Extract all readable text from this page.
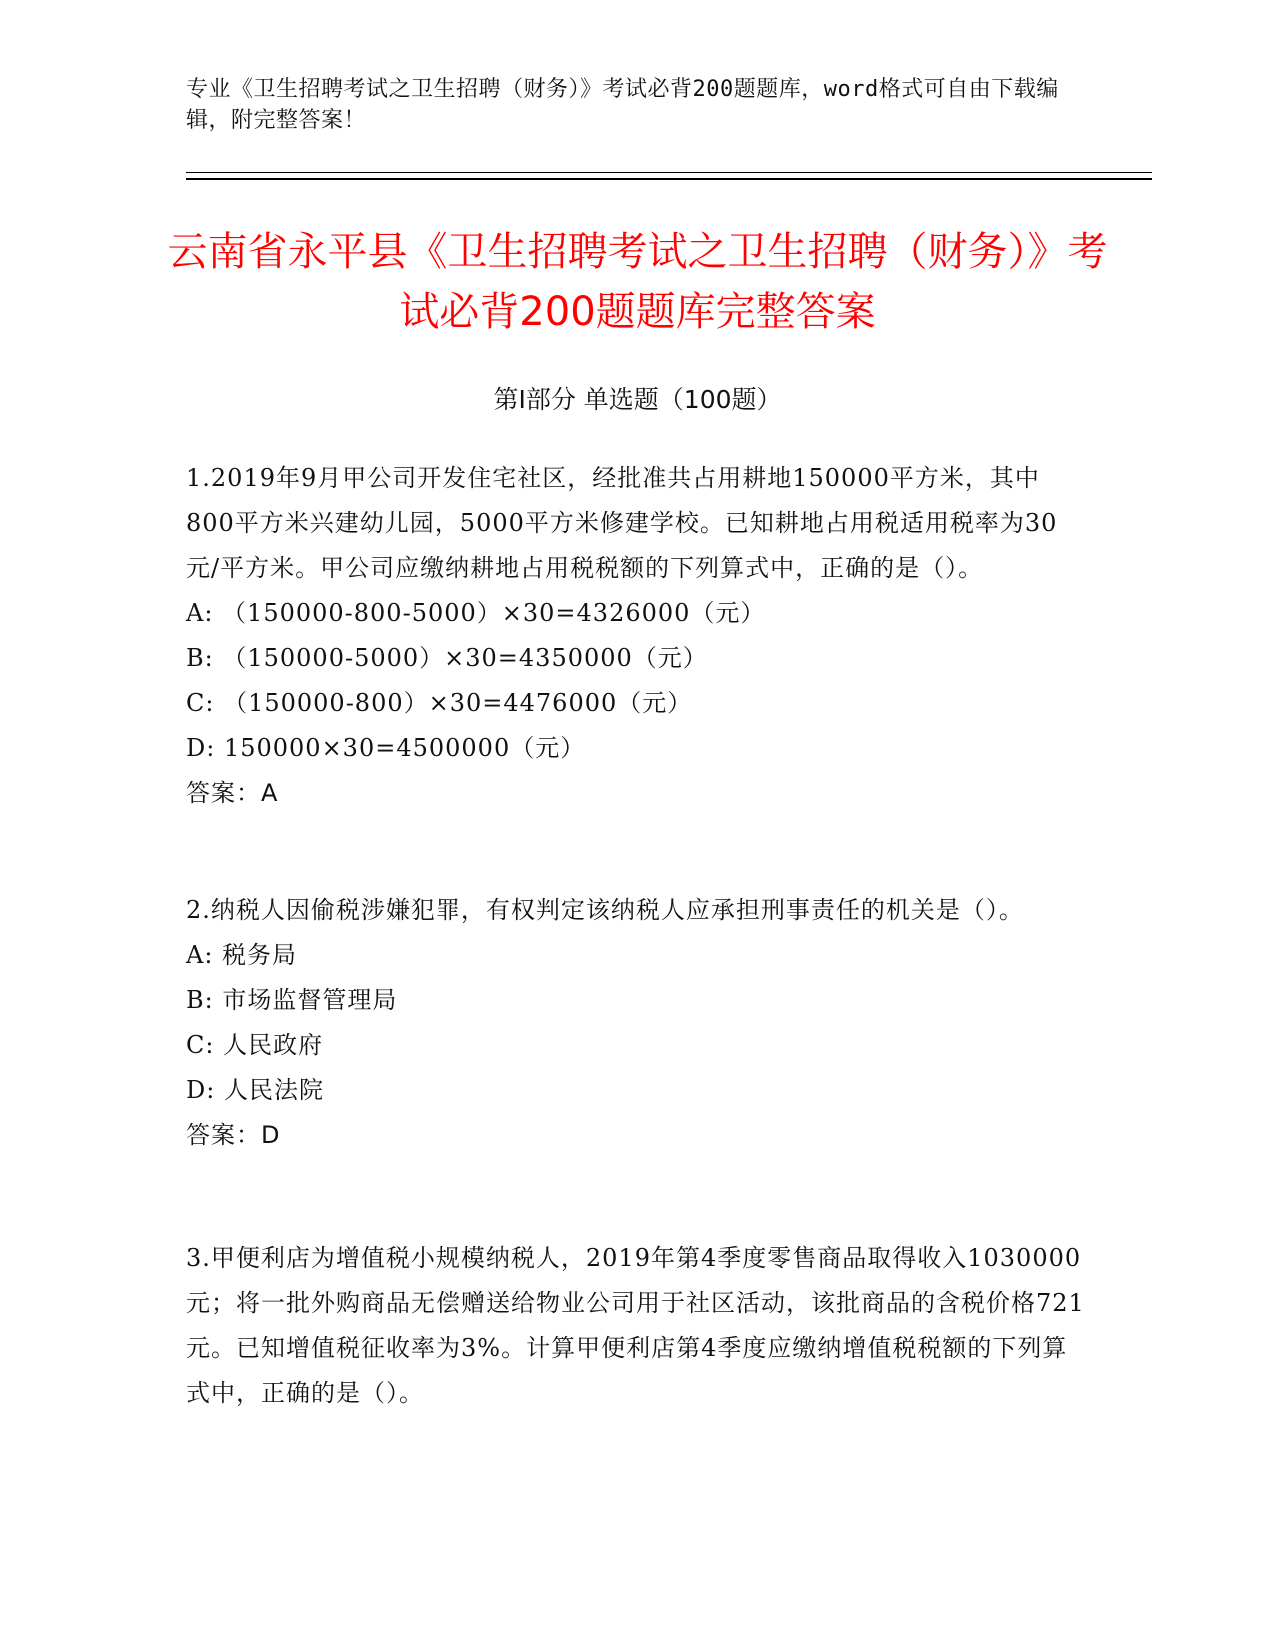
专业《卫生招聘考试之卫生招聘（财务）》考试必背200题题库，word格式可自由下载编辑，附完整答案！
云南省永平县《卫生招聘考试之卫生招聘（财务）》考试必背200题题库完整答案
第I部分 单选题（100题）

1.2019年9月甲公司开发住宅社区，经批准共占用耕地150000平方米，其中800平方米兴建幼儿园，5000平方米修建学校。已知耕地占用税适用税率为30元/平方米。甲公司应缴纳耕地占用税税额的下列算式中，正确的是（）。

A: （150000-800-5000）×30=4326000（元）

B: （150000-5000）×30=4350000（元）

C: （150000-800）×30=4476000（元）

D: 150000×30=4500000（元）

答案：A

2.纳税人因偷税涉嫌犯罪，有权判定该纳税人应承担刑事责任的机关是（）。

A: 税务局

B: 市场监督管理局

C: 人民政府

D: 人民法院

答案：D

3.甲便利店为增值税小规模纳税人，2019年第4季度零售商品取得收入1030000元；将一批外购商品无偿赠送给物业公司用于社区活动，该批商品的含税价格721元。已知增值税征收率为3%。计算甲便利店第4季度应缴纳增值税税额的下列算式中，正确的是（）。
